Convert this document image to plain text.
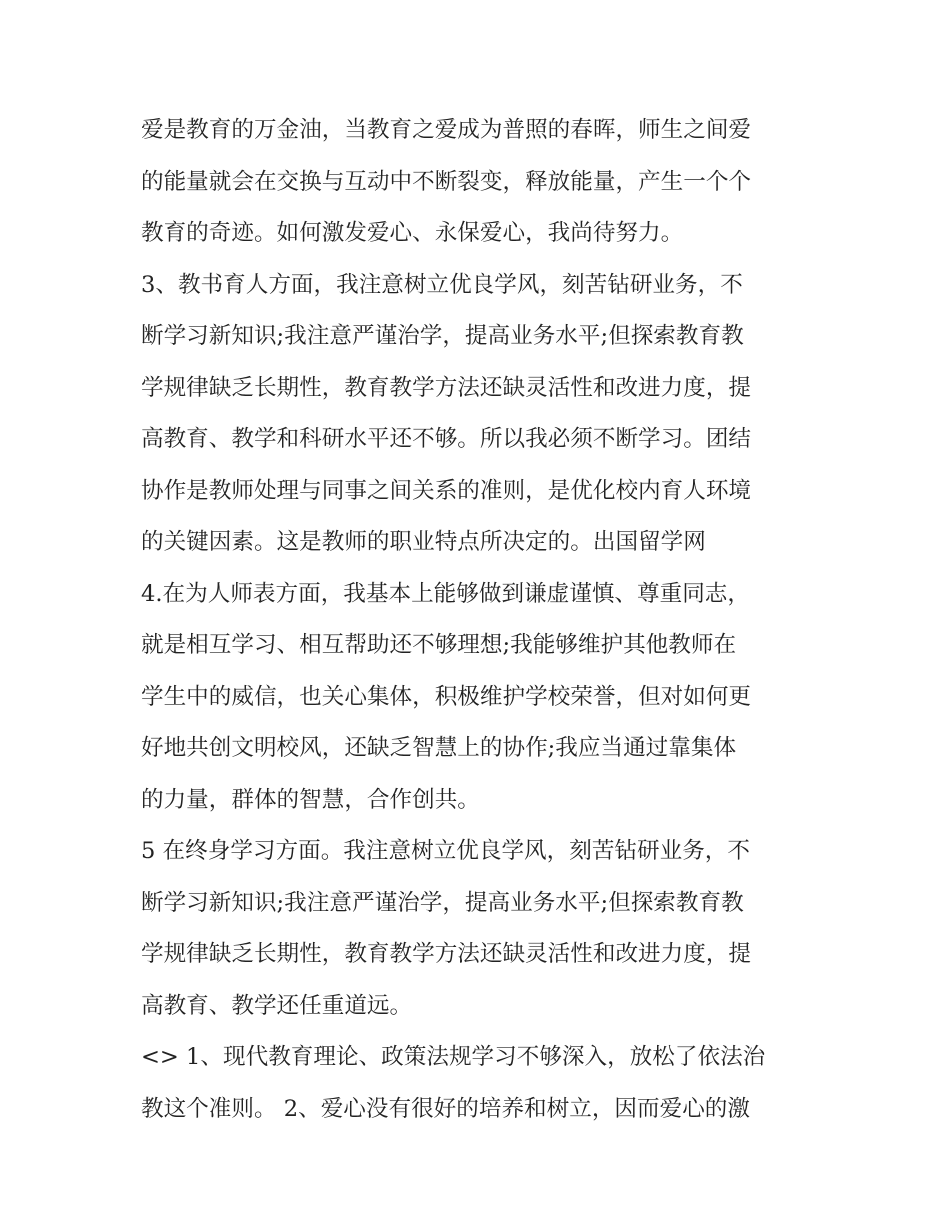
爱是教育的万金油，当教育之爱成为普照的春晖，师生之间爱
的能量就会在交换与互动中不断裂变，释放能量，产生一个个
教育的奇迹。如何激发爱心、永保爱心，我尚待努力。
3、教书育人方面，我注意树立优良学风，刻苦钻研业务，不
断学习新知识;我注意严谨治学，提高业务水平;但探索教育教
学规律缺乏长期性，教育教学方法还缺灵活性和改进力度，提
高教育、教学和科研水平还不够。所以我必须不断学习。团结
协作是教师处理与同事之间关系的准则，是优化校内育人环境
的关键因素。这是教师的职业特点所决定的。出国留学网
4.在为人师表方面，我基本上能够做到谦虚谨慎、尊重同志，
就是相互学习、相互帮助还不够理想;我能够维护其他教师在
学生中的威信，也关心集体，积极维护学校荣誉，但对如何更
好地共创文明校风，还缺乏智慧上的协作;我应当通过靠集体
的力量，群体的智慧，合作创共。
5 在终身学习方面。我注意树立优良学风，刻苦钻研业务，不
断学习新知识;我注意严谨治学，提高业务水平;但探索教育教
学规律缺乏长期性，教育教学方法还缺灵活性和改进力度，提
高教育、教学还任重道远。
<> 1、现代教育理论、政策法规学习不够深入，放松了依法治
教这个准则。 2、爱心没有很好的培养和树立，因而爱心的激
